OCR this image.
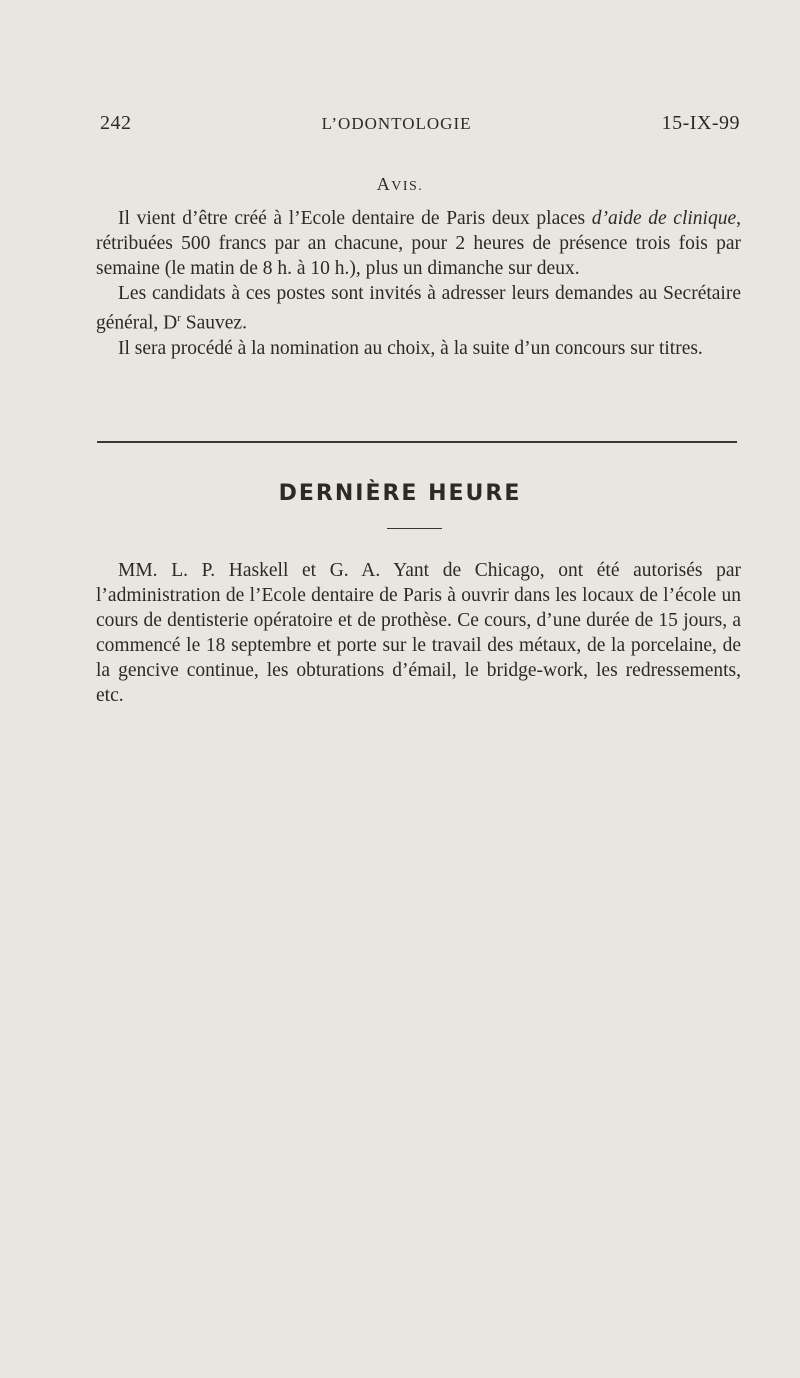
242	L’ODONTOLOGIE	15-IX-99
AVIS.

Il vient d’être créé à l’Ecole dentaire de Paris deux places d’aide de clinique, rétribuées 500 francs par an chacune, pour 2 heures de présence trois fois par semaine (le matin de 8 h. à 10 h.), plus un dimanche sur deux.

Les candidats à ces postes sont invités à adresser leurs demandes au Secrétaire général, $D^r$ Sauvez.

Il sera procédé à la nomination au choix, à la suite d’un concours sur titres.

DERNIÈRE HEURE

MM. L. P. Haskell et G. A. Yant de Chicago, ont été autorisés par l’administration de l’Ecole dentaire de Paris à ouvrir dans les locaux de l’école un cours de dentisterie opératoire et de prothèse. Ce cours, d’une durée de 15 jours, a commencé le 18 septembre et porte sur le travail des métaux, de la porcelaine, de la gencive continue, les obturations d’émail, le bridge-work, les redressements, etc.
